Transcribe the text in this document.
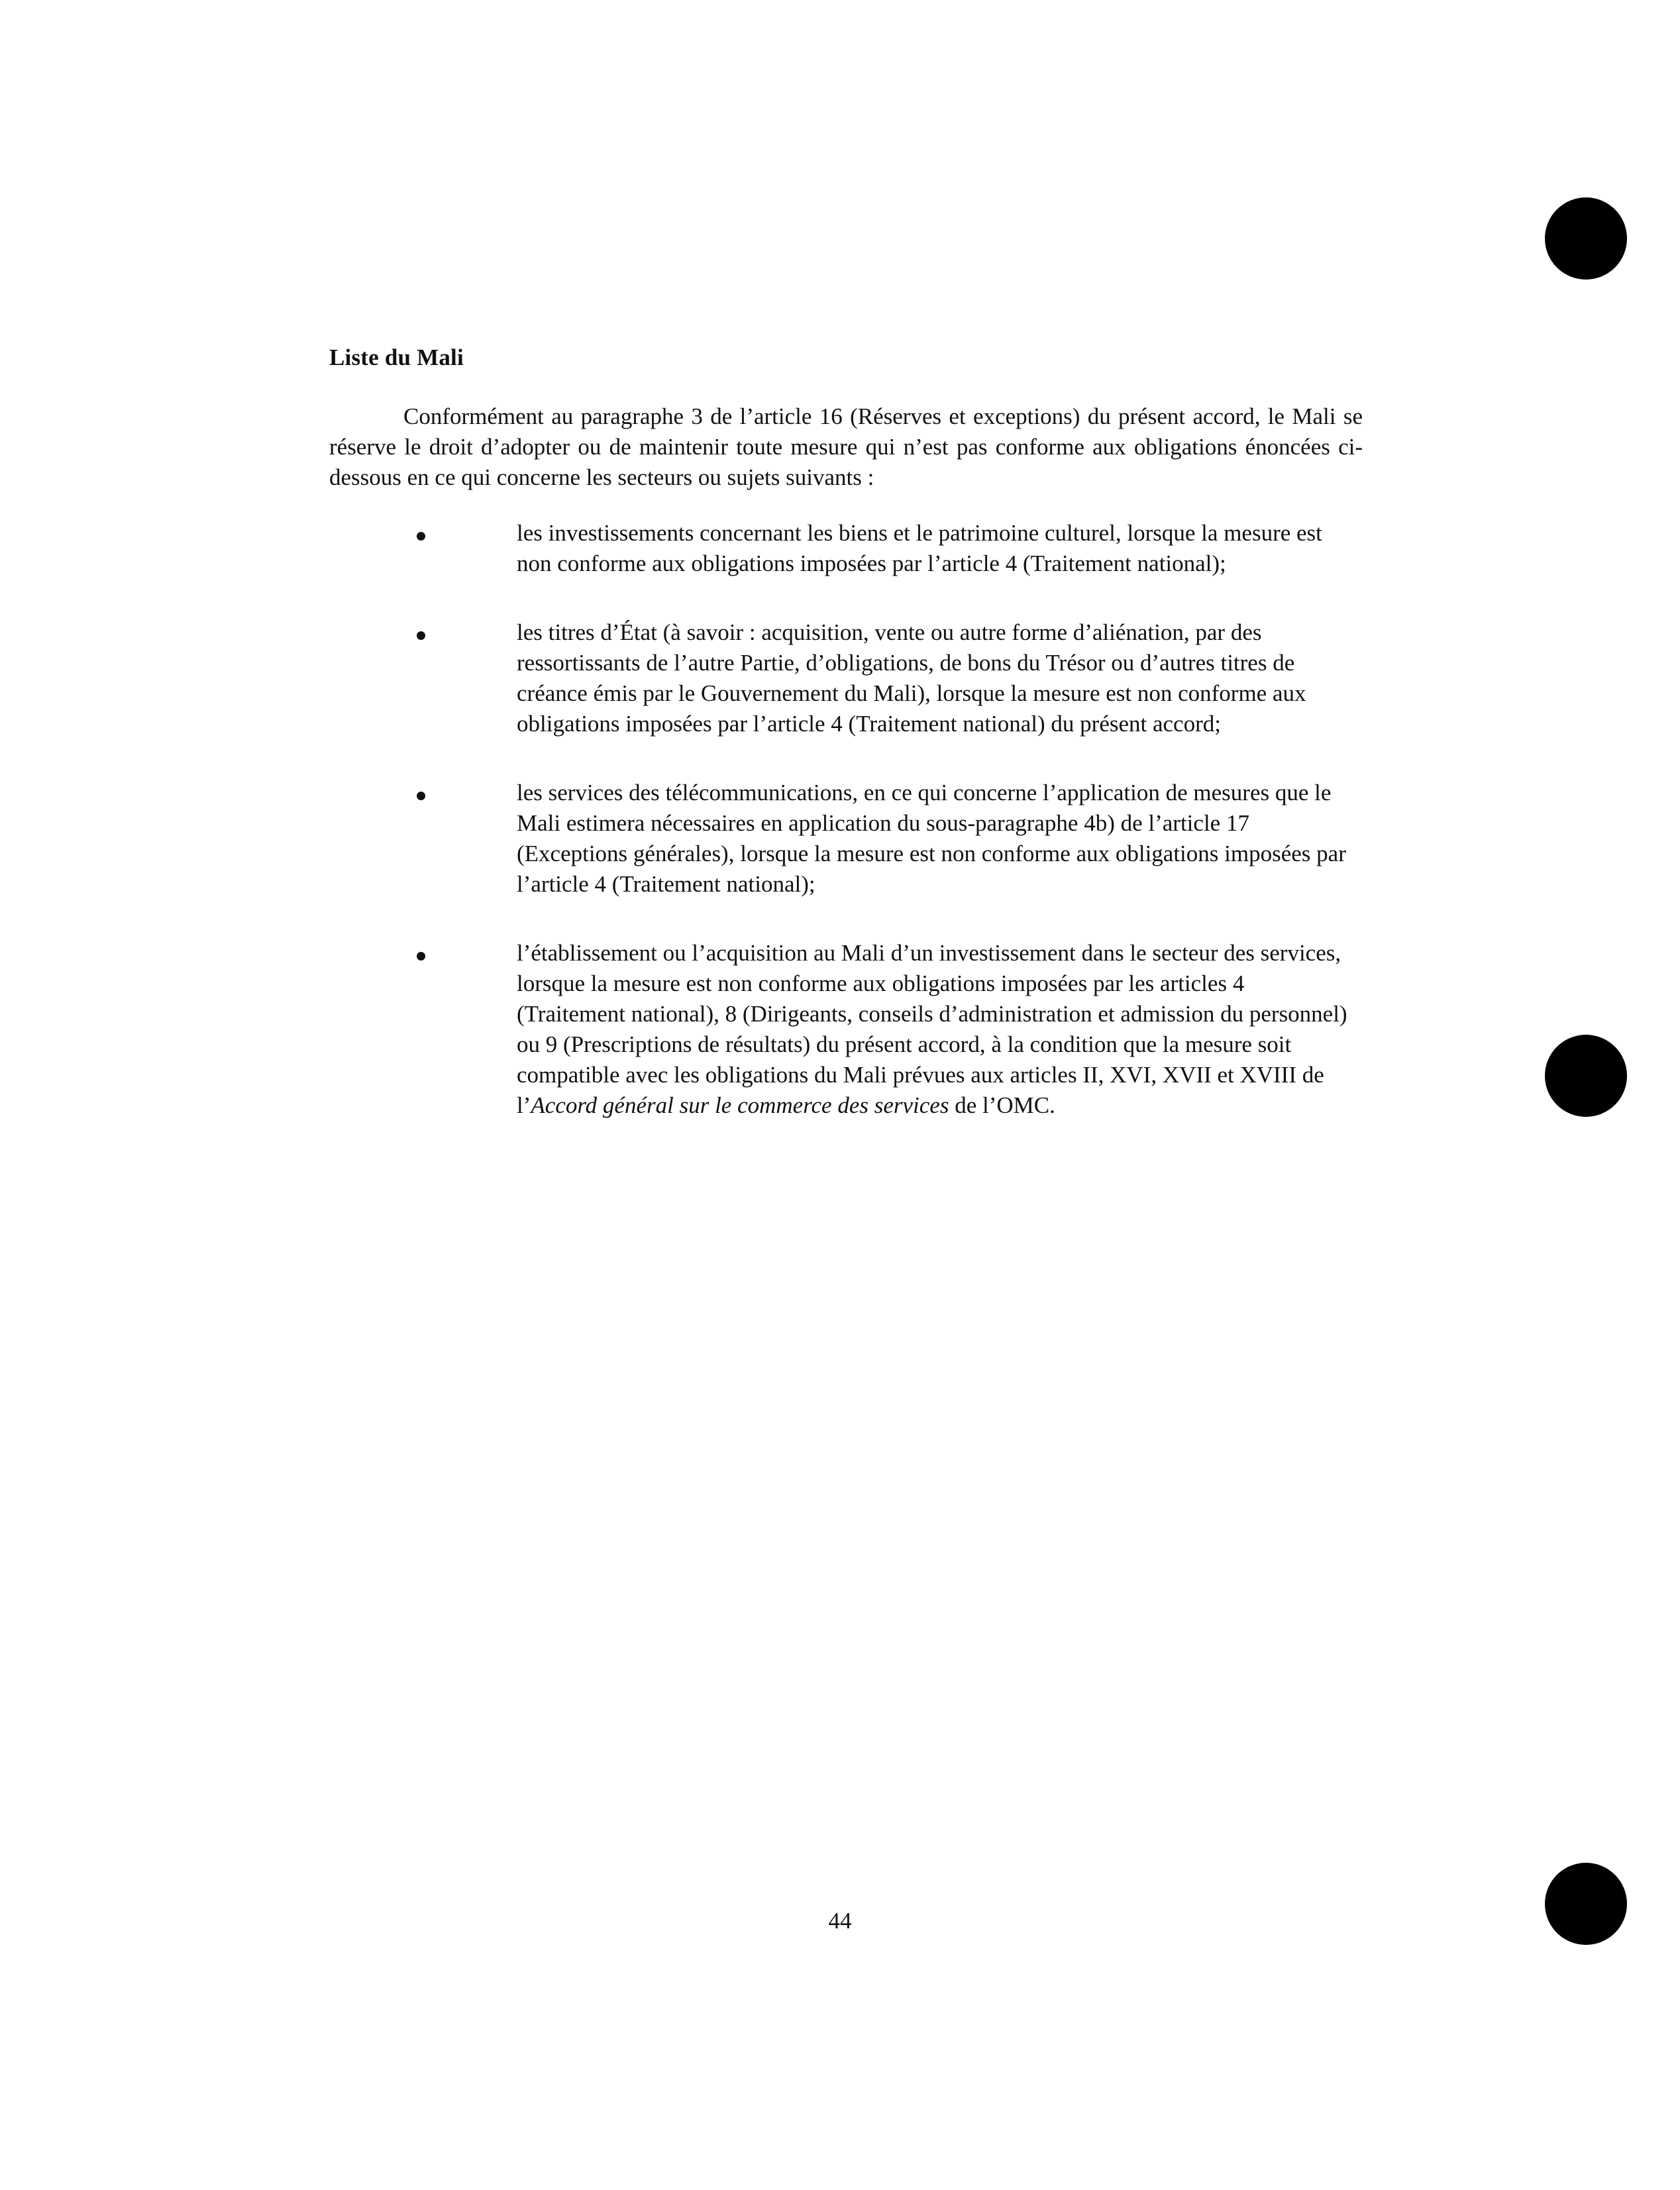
Liste du Mali

Conformément au paragraphe 3 de l’article 16 (Réserves et exceptions) du présent accord, le Mali se réserve le droit d’adopter ou de maintenir toute mesure qui n’est pas conforme aux obligations énoncées ci-dessous en ce qui concerne les secteurs ou sujets suivants :

les investissements concernant les biens et le patrimoine culturel, lorsque la mesure est non conforme aux obligations imposées par l’article 4 (Traitement national);
les titres d’État (à savoir : acquisition, vente ou autre forme d’aliénation, par des ressortissants de l’autre Partie, d’obligations, de bons du Trésor ou d’autres titres de créance émis par le Gouvernement du Mali), lorsque la mesure est non conforme aux obligations imposées par l’article 4 (Traitement national) du présent accord;
les services des télécommunications, en ce qui concerne l’application de mesures que le Mali estimera nécessaires en application du sous-paragraphe 4b) de l’article 17 (Exceptions générales), lorsque la mesure est non conforme aux obligations imposées par l’article 4 (Traitement national);
l’établissement ou l’acquisition au Mali d’un investissement dans le secteur des services, lorsque la mesure est non conforme aux obligations imposées par les articles 4 (Traitement national), 8 (Dirigeants, conseils d’administration et admission du personnel) ou 9 (Prescriptions de résultats) du présent accord, à la condition que la mesure soit compatible avec les obligations du Mali prévues aux articles II, XVI, XVII et XVIII de l’Accord général sur le commerce des services de l’OMC.
44
